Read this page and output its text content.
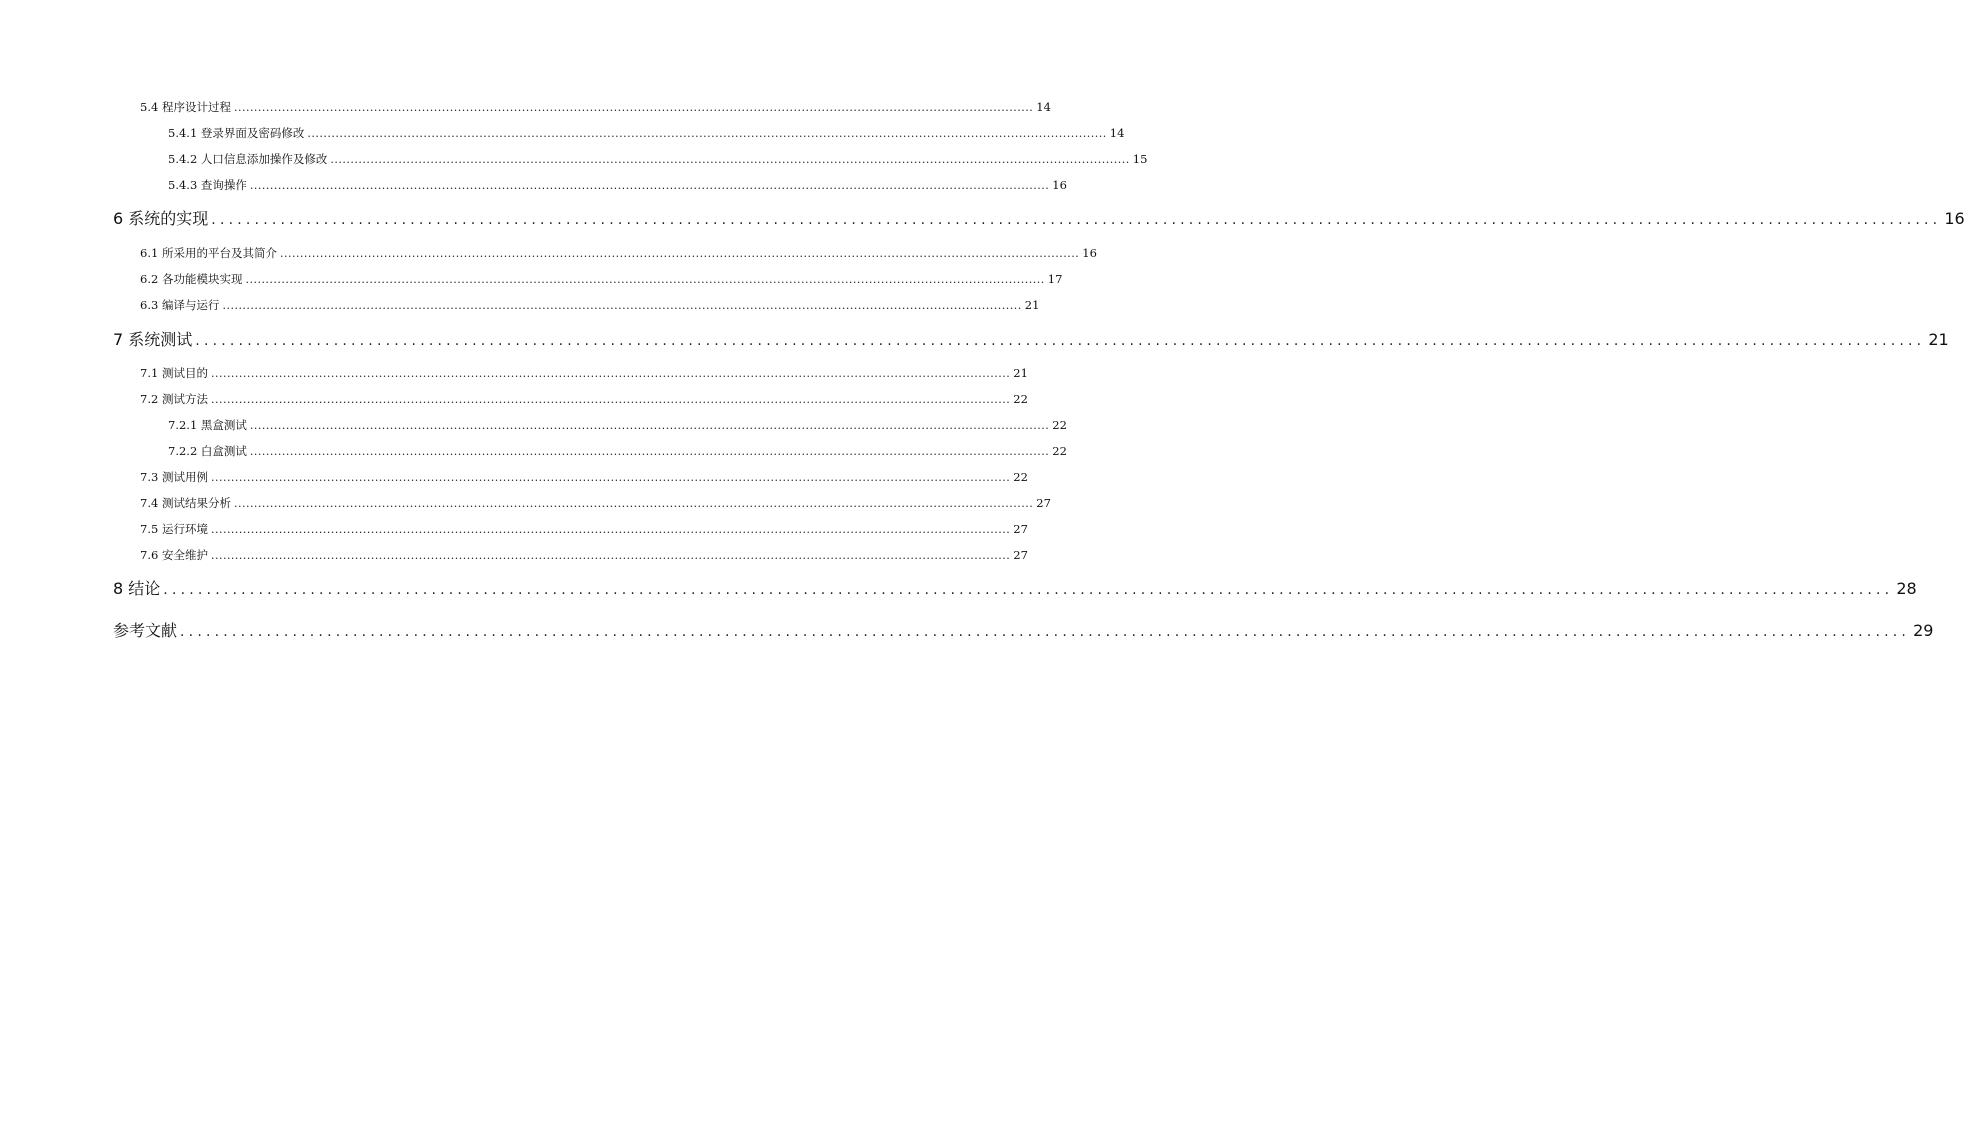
5.4
程序设计过程 ........................................................................................................................................................................................................ 14
5.4.1
登录界面及密码修改 ........................................................................................................................................................................................................ 14
5.4.2
人口信息添加操作及修改 ........................................................................................................................................................................................................ 15
5.4.3
查询操作 ........................................................................................................................................................................................................ 16
6
系统的实现 ........................................................................................................................................................................................................ 16
6.1
所采用的平台及其简介 ........................................................................................................................................................................................................ 16
6.2
各功能模块实现 ........................................................................................................................................................................................................ 17
6.3
编译与运行 ........................................................................................................................................................................................................ 21
7
系统测试 ........................................................................................................................................................................................................ 21
7.1
测试目的 ........................................................................................................................................................................................................ 21
7.2
测试方法 ........................................................................................................................................................................................................ 22
7.2.1
黑盒测试 ........................................................................................................................................................................................................ 22
7.2.2
白盒测试 ........................................................................................................................................................................................................ 22
7.3
测试用例 ........................................................................................................................................................................................................ 22
7.4
测试结果分析 ........................................................................................................................................................................................................ 27
7.5
运行环境 ........................................................................................................................................................................................................ 27
7.6
安全维护 ........................................................................................................................................................................................................ 27
8
结论 ........................................................................................................................................................................................................ 28
参考文献 ........................................................................................................................................................................................................ 29
